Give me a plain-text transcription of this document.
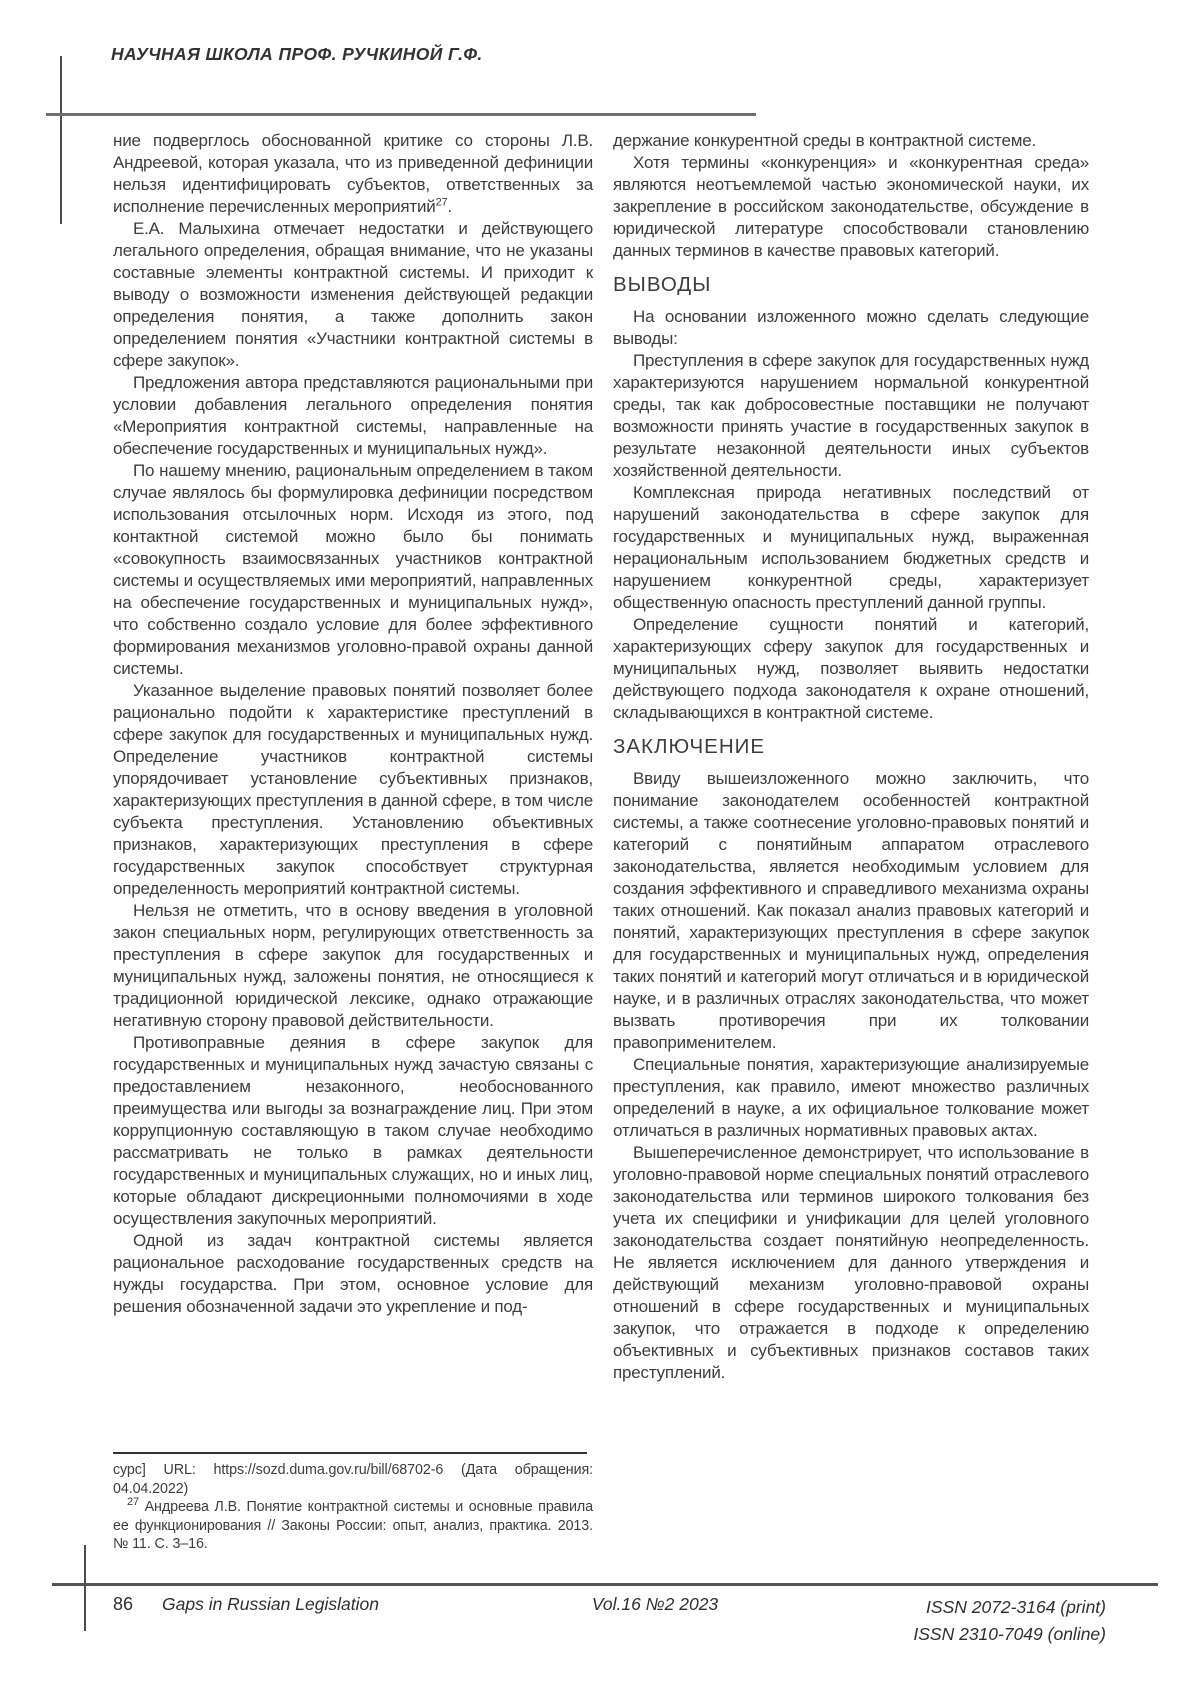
НАУЧНАЯ ШКОЛА ПРОФ. РУЧКИНОЙ Г.Ф.

ние подверглось обоснованной критике со стороны Л.В. Андреевой, которая указала, что из приведенной дефиниции нельзя идентифицировать субъектов, ответственных за исполнение перечисленных мероприятий$^{27}$.

Е.А. Малыхина отмечает недостатки и действующего легального определения, обращая внимание, что не указаны составные элементы контрактной системы. И приходит к выводу о возможности изменения действующей редакции определения понятия, а также дополнить закон определением понятия «Участники контрактной системы в сфере закупок».

Предложения автора представляются рациональными при условии добавления легального определения понятия «Мероприятия контрактной системы, направленные на обеспечение государственных и муниципальных нужд».

По нашему мнению, рациональным определением в таком случае являлось бы формулировка дефиниции посредством использования отсылочных норм. Исходя из этого, под контактной системой можно было бы понимать «совокупность взаимосвязанных участников контрактной системы и осуществляемых ими мероприятий, направленных на обеспечение государственных и муниципальных нужд», что собственно создало условие для более эффективного формирования механизмов уголовно-правой охраны данной системы.

Указанное выделение правовых понятий позволяет более рационально подойти к характеристике преступлений в сфере закупок для государственных и муниципальных нужд. Определение участников контрактной системы упорядочивает установление субъективных признаков, характеризующих преступления в данной сфере, в том числе субъекта преступления. Установлению объективных признаков, характеризующих преступления в сфере государственных закупок способствует структурная определенность мероприятий контрактной системы.

Нельзя не отметить, что в основу введения в уголовной закон специальных норм, регулирующих ответственность за преступления в сфере закупок для государственных и муниципальных нужд, заложены понятия, не относящиеся к традиционной юридической лексике, однако отражающие негативную сторону правовой действительности.

Противоправные деяния в сфере закупок для государственных и муниципальных нужд зачастую связаны с предоставлением незаконного, необоснованного преимущества или выгоды за вознаграждение лиц. При этом коррупционную составляющую в таком случае необходимо рассматривать не только в рамках деятельности государственных и муниципальных служащих, но и иных лиц, которые обладают дискреционными полномочиями в ходе осуществления закупочных мероприятий.

Одной из задач контрактной системы является рациональное расходование государственных средств на нужды государства. При этом, основное условие для решения обозначенной задачи это укрепление и под-

держание конкурентной среды в контрактной системе.

Хотя термины «конкуренция» и «конкурентная среда» являются неотъемлемой частью экономической науки, их закрепление в российском законодательстве, обсуждение в юридической литературе способствовали становлению данных терминов в качестве правовых категорий.

ВЫВОДЫ

На основании изложенного можно сделать следующие выводы:

Преступления в сфере закупок для государственных нужд характеризуются нарушением нормальной конкурентной среды, так как добросовестные поставщики не получают возможности принять участие в государственных закупок в результате незаконной деятельности иных субъектов хозяйственной деятельности.

Комплексная природа негативных последствий от нарушений законодательства в сфере закупок для государственных и муниципальных нужд, выраженная нерациональным использованием бюджетных средств и нарушением конкурентной среды, характеризует общественную опасность преступлений данной группы.

Определение сущности понятий и категорий, характеризующих сферу закупок для государственных и муниципальных нужд, позволяет выявить недостатки действующего подхода законодателя к охране отношений, складывающихся в контрактной системе.

ЗАКЛЮЧЕНИЕ

Ввиду вышеизложенного можно заключить, что понимание законодателем особенностей контрактной системы, а также соотнесение уголовно-правовых понятий и категорий с понятийным аппаратом отраслевого законодательства, является необходимым условием для создания эффективного и справедливого механизма охраны таких отношений. Как показал анализ правовых категорий и понятий, характеризующих преступления в сфере закупок для государственных и муниципальных нужд, определения таких понятий и категорий могут отличаться и в юридической науке, и в различных отраслях законодательства, что может вызвать противоречия при их толковании правоприменителем.

Специальные понятия, характеризующие анализируемые преступления, как правило, имеют множество различных определений в науке, а их официальное толкование может отличаться в различных нормативных правовых актах.

Вышеперечисленное демонстрирует, что использование в уголовно-правовой норме специальных понятий отраслевого законодательства или терминов широкого толкования без учета их специфики и унификации для целей уголовного законодательства создает понятийную неопределенность. Не является исключением для данного утверждения и действующий механизм уголовно-правовой охраны отношений в сфере государственных и муниципальных закупок, что отражается в подходе к определению объективных и субъективных признаков составов таких преступлений.

сурс] URL: https://sozd.duma.gov.ru/bill/68702-6 (Дата обращения: 04.04.2022)

$^{27}$ Андреева Л.В. Понятие контрактной системы и основные правила ее функционирования // Законы России: опыт, анализ, практика. 2013. № 11. С. 3–16.

86 Gaps in Russian Legislation	Vol.16 №2 2023	ISSN 2072-3164 (print)
ISSN 2310-7049 (online)
